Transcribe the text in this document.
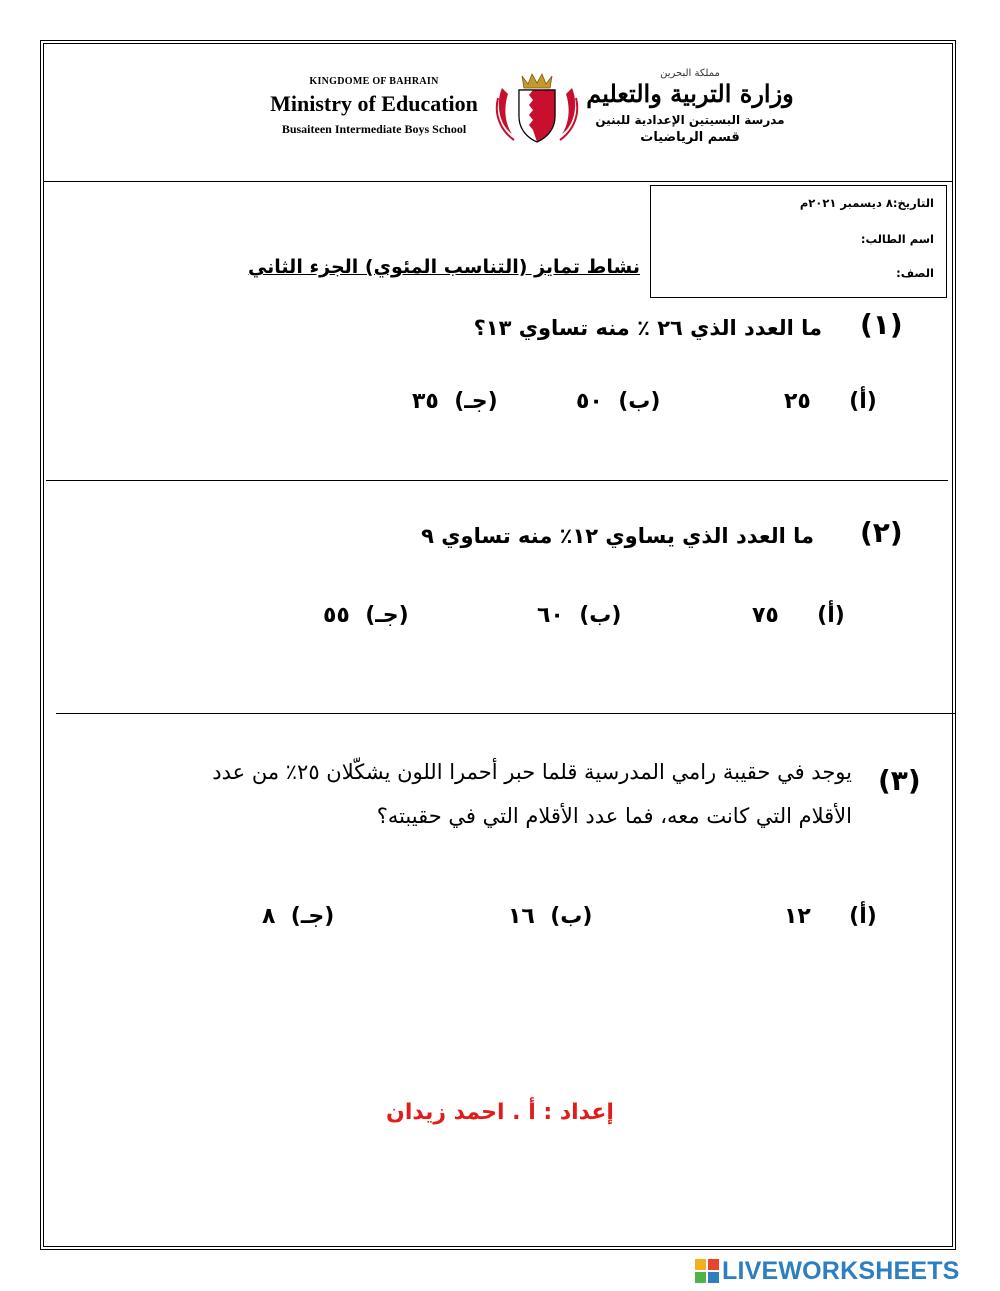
KINGDOME OF BAHRAIN
Ministry of Education
Busaiteen Intermediate Boys School
مملكة البحرين
وزارة التربية والتعليم
مدرسة البسيتين الإعدادية للبنين
قسم الرياضيات
التاريخ:٨ ديسمبر ٢٠٢١م
اسم الطالب:
الصف:
نشاط تمايز (التناسب المئوي) الجزء الثاني
(١)
ما العدد الذي ٢٦ ٪ منه تساوي ١٣؟
(أ)     ٢٥
(ب)  ٥٠
(جـ)  ٣٥
(٢)
ما العدد الذي يساوي ١٢٪ منه تساوي ٩
(أ)     ٧٥
(ب)  ٦٠
(جـ)  ٥٥
(٣)
يوجد في حقيبة رامي المدرسية قلما حبر أحمرا اللون يشكّلان ٢٥٪ من عدد
الأقلام التي كانت معه، فما عدد الأقلام التي في حقيبته؟
(أ)     ١٢
(ب)  ١٦
(جـ)  ٨
إعداد : أ . احمد زيدان
LIVEWORKSHEETS
